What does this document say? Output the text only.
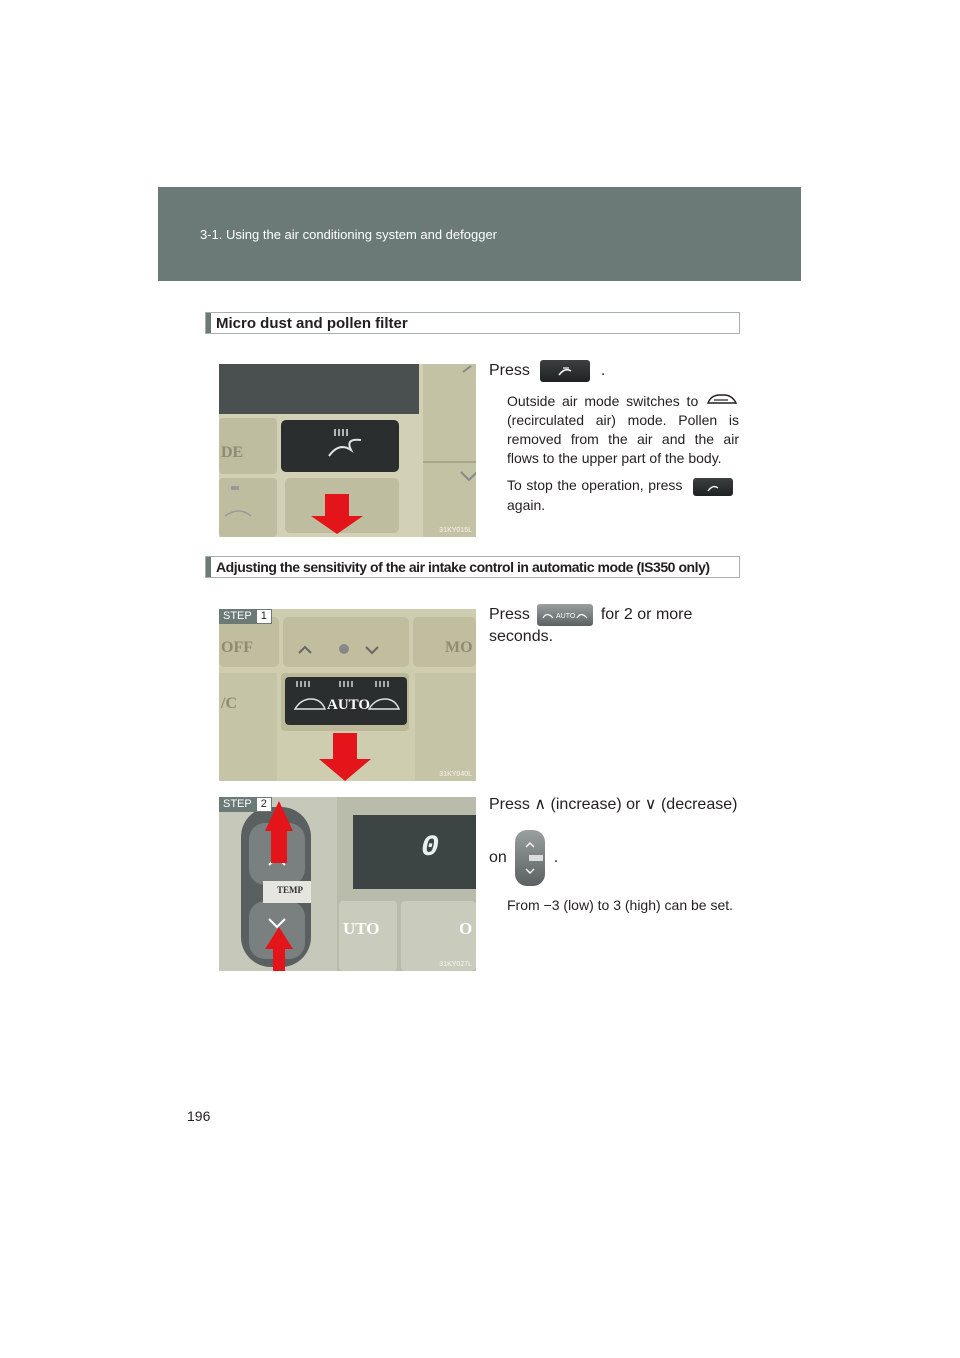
3-1. Using the air conditioning system and defogger
Micro dust and pollen filter
DE
31KY015L
Press	.
Outside air mode switches to  (recirculated air) mode. Pollen is removed from the air and the air flows to the upper part of the body.
To stop the operation, press
again.
Adjusting the sensitivity of the air intake control in automatic mode (IS350 only)
OFF	MO
/C	AUTO
STEP 1
31KY040L
Press	AUTO for 2 or more seconds.
TEMP
0
UTO	O
STEP 2
31KY027L
Press ∧ (increase) or ∨ (decrease)
on	.
From −3 (low) to 3 (high) can be set.
196
